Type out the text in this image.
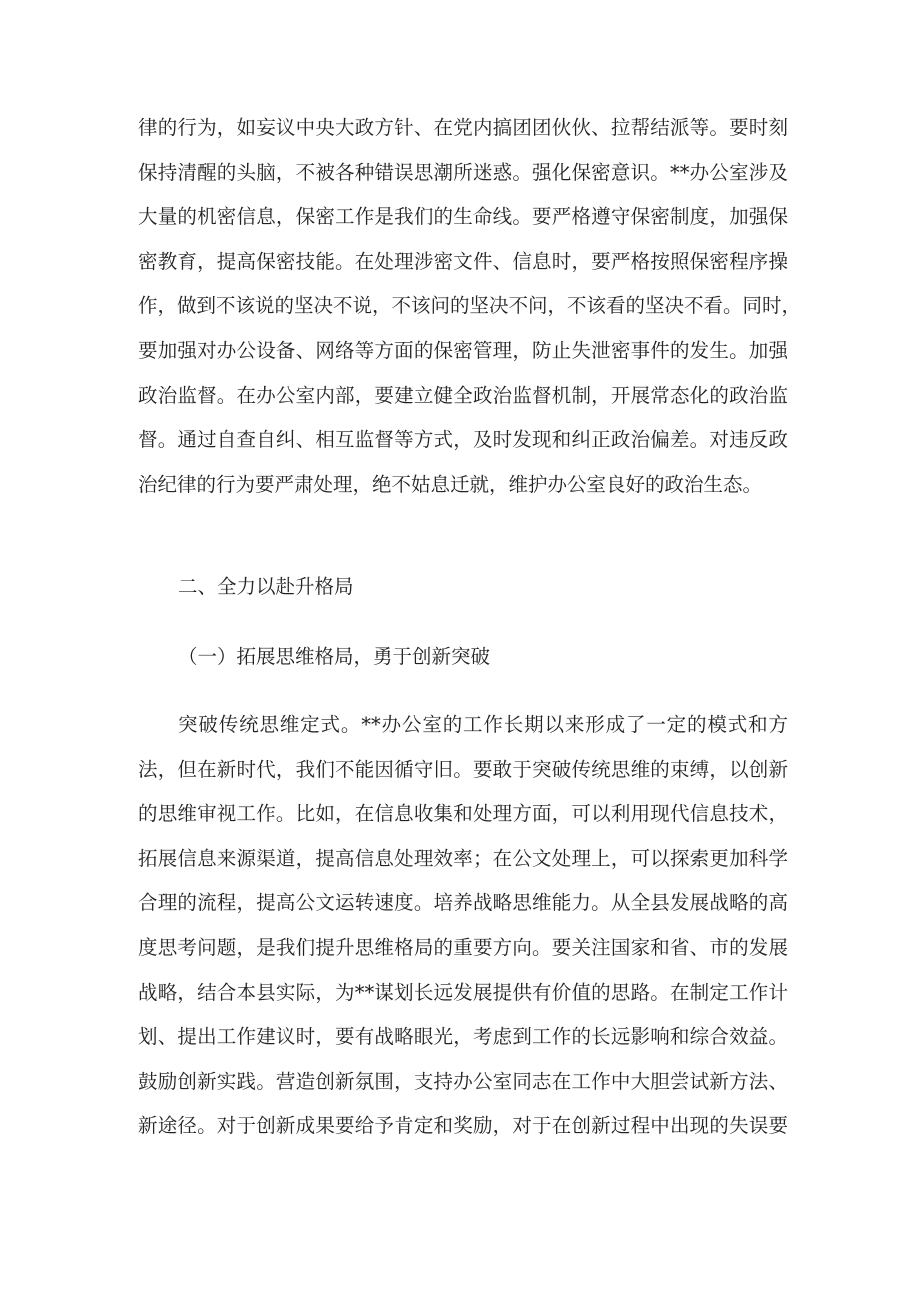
律的行为，如妄议中央大政方针、在党内搞团团伙伙、拉帮结派等。要时刻
保持清醒的头脑，不被各种错误思潮所迷惑。强化保密意识。**办公室涉及
大量的机密信息，保密工作是我们的生命线。要严格遵守保密制度，加强保
密教育，提高保密技能。在处理涉密文件、信息时，要严格按照保密程序操
作，做到不该说的坚决不说，不该问的坚决不问，不该看的坚决不看。同时，
要加强对办公设备、网络等方面的保密管理，防止失泄密事件的发生。加强
政治监督。在办公室内部，要建立健全政治监督机制，开展常态化的政治监
督。通过自查自纠、相互监督等方式，及时发现和纠正政治偏差。对违反政
治纪律的行为要严肃处理，绝不姑息迁就，维护办公室良好的政治生态。
二、全力以赴升格局
（一）拓展思维格局，勇于创新突破
突破传统思维定式。**办公室的工作长期以来形成了一定的模式和方
法，但在新时代，我们不能因循守旧。要敢于突破传统思维的束缚，以创新
的思维审视工作。比如，在信息收集和处理方面，可以利用现代信息技术，
拓展信息来源渠道，提高信息处理效率；在公文处理上，可以探索更加科学
合理的流程，提高公文运转速度。培养战略思维能力。从全县发展战略的高
度思考问题，是我们提升思维格局的重要方向。要关注国家和省、市的发展
战略，结合本县实际，为**谋划长远发展提供有价值的思路。在制定工作计
划、提出工作建议时，要有战略眼光，考虑到工作的长远影响和综合效益。
鼓励创新实践。营造创新氛围，支持办公室同志在工作中大胆尝试新方法、
新途径。对于创新成果要给予肯定和奖励，对于在创新过程中出现的失误要
